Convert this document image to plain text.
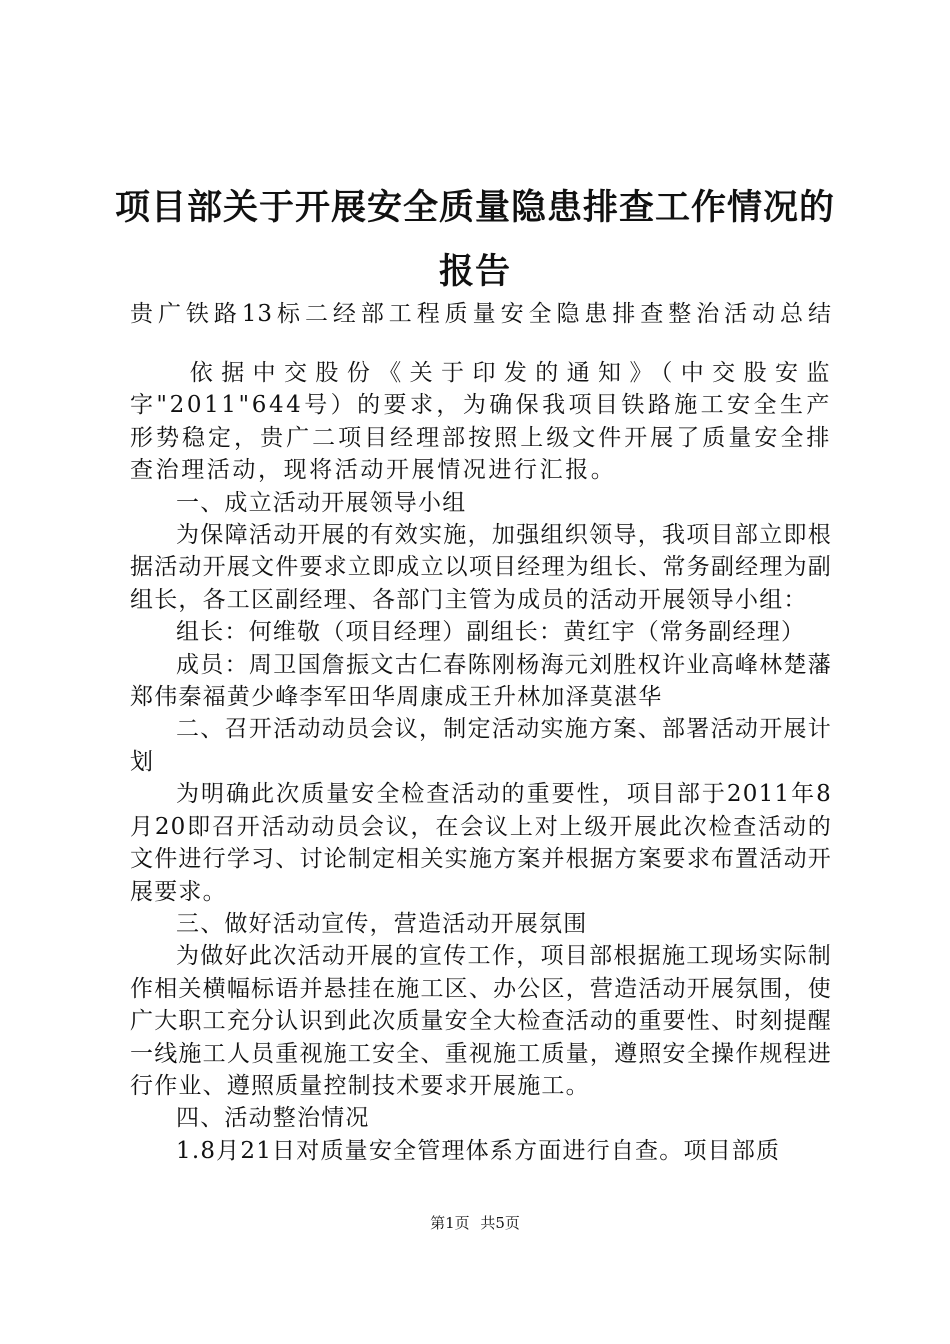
项目部关于开展安全质量隐患排查工作情况的报告
贵广铁路13标二经部工程质量安全隐患排查整治活动总结

依据中交股份《关于印发的通知》（中交股安监字"2011"644号）的要求，为确保我项目铁路施工安全生产形势稳定，贵广二项目经理部按照上级文件开展了质量安全排查治理活动，现将活动开展情况进行汇报。

一、成立活动开展领导小组

为保障活动开展的有效实施，加强组织领导，我项目部立即根据活动开展文件要求立即成立以项目经理为组长、常务副经理为副组长，各工区副经理、各部门主管为成员的活动开展领导小组：

组长：何维敬（项目经理）副组长：黄红宇（常务副经理）

成员：周卫国詹振文古仁春陈刚杨海元刘胜权许业高峰林楚藩郑伟秦福黄少峰李军田华周康成王升林加泽莫湛华

二、召开活动动员会议，制定活动实施方案、部署活动开展计划

为明确此次质量安全检查活动的重要性，项目部于2011年8月20即召开活动动员会议，在会议上对上级开展此次检查活动的文件进行学习、讨论制定相关实施方案并根据方案要求布置活动开展要求。

三、做好活动宣传，营造活动开展氛围

为做好此次活动开展的宣传工作，项目部根据施工现场实际制作相关横幅标语并悬挂在施工区、办公区，营造活动开展氛围，使广大职工充分认识到此次质量安全大检查活动的重要性、时刻提醒一线施工人员重视施工安全、重视施工质量，遵照安全操作规程进行作业、遵照质量控制技术要求开展施工。

四、活动整治情况

1.8月21日对质量安全管理体系方面进行自查。项目部质

第1页 共5页
